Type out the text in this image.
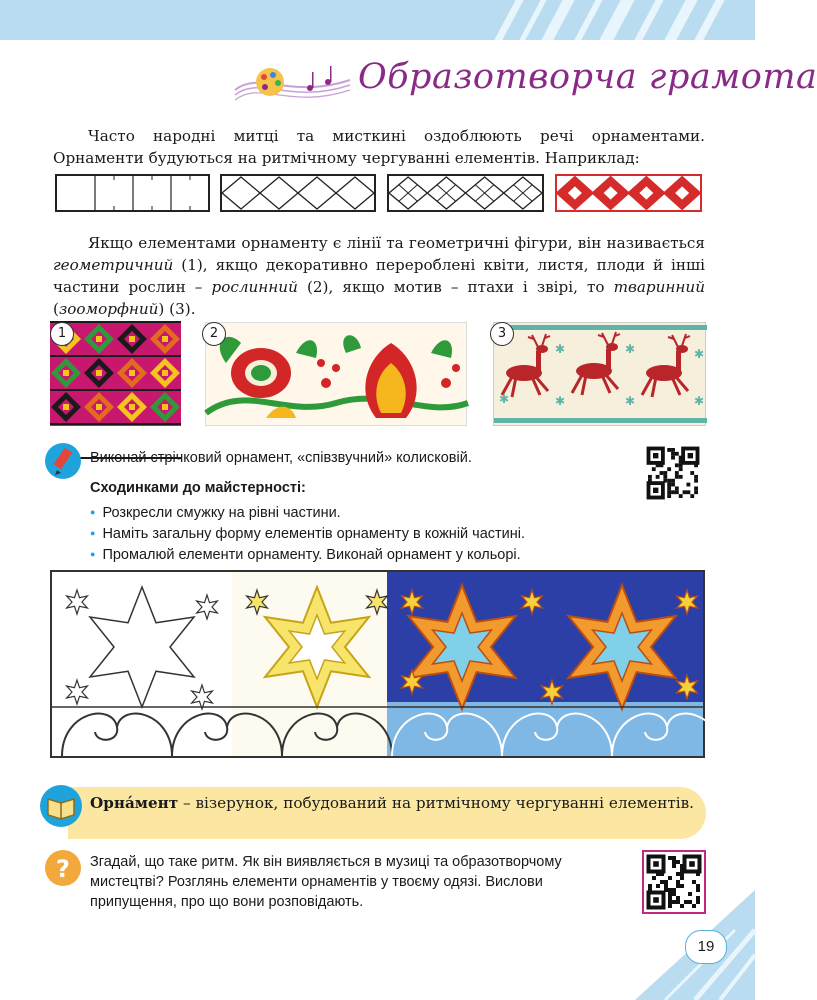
Образотворча грамота
Часто народні митці та мисткині оздоблюють речі орнаментами. Орнаменти будуються на ритмічному чергуванні елементів. Наприклад:
Якщо елементами орнаменту є лінії та геометричні фігури, він називається геометричний (1), якщо декоративно перероблені квіти, листя, плоди й інші частини рослин – рослинний (2), якщо мотив – птахи і звірі, то тваринний (зооморфний) (3).
1	2	3
✱	✱	✱
✱	✱	✱	✱
Виконай стрічковий орнамент, «співзвучний» колисковій.
Сходинками до майстерності:
● Розкресли смужку на рівні частини.
● Наміть загальну форму елементів орнаменту в кожній частині.
● Промалюй елементи орнаменту. Виконай орнамент у кольорі.
Орна́мент – візерунок, побудований на ритмічному чергуванні елементів.
? Згадай, що таке ритм. Як він виявляється в музиці та образотворчому мистецтві? Розглянь елементи орнаментів у твоєму одязі. Вислови припущення, про що вони розповідають.
19
